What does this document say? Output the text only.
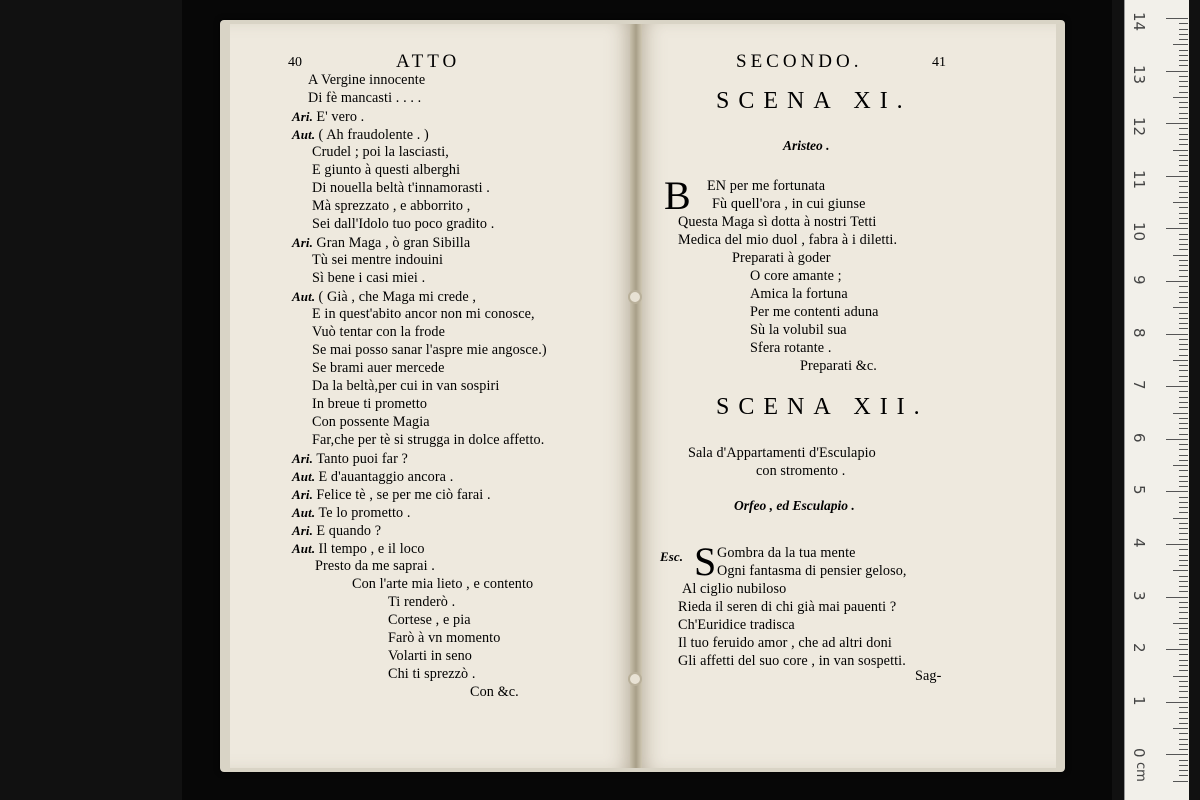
40	ATTO
A Vergine innocente
Di fè mancasti . . . .
Ari. E' vero .
Aut. ( Ah fraudolente . )
Crudel ; poi la lasciasti,
E giunto à questi alberghi
Di nouella beltà t'innamorasti .
Mà sprezzato , e abborrito ,
Sei dall'Idolo tuo poco gradito .
Ari. Gran Maga , ò gran Sibilla
Tù sei mentre indouini
Sì bene i casi miei .
Aut. ( Già , che Maga mi crede ,
E in quest'abito ancor non mi conosce,
Vuò tentar con la frode
Se mai posso sanar l'aspre mie angosce.)
Se brami auer mercede
Da la beltà,per cui in van sospiri
In breue ti prometto
Con possente Magia
Far,che per tè si strugga in dolce affetto.
Ari. Tanto puoi far ?
Aut. E d'auantaggio ancora .
Ari. Felice tè , se per me ciò farai .
Aut. Te lo prometto .
Ari. E quando ?
Aut. Il tempo , e il loco
Presto da me saprai .
Con l'arte mia lieto , e contento
Ti renderò .
Cortese , e pia
Farò à vn momento
Volarti in seno
Chi ti sprezzò .
Con &c.
SECONDO.	41
SCENA XI.
Aristeo .
B EN per me fortunata
Fù quell'ora , in cui giunse
Questa Maga sì dotta à nostri Tetti
Medica del mio duol , fabra à i diletti.
Preparati à goder
O core amante ;
Amica la fortuna
Per me contenti aduna
Sù la volubil sua
Sfera rotante .
Preparati &c.
SCENA XII.
Sala d'Appartamenti d'Esculapio
con stromento .
Orfeo , ed Esculapio .
Esc. S Gombra da la tua mente
Ogni fantasma di pensier geloso,
Al ciglio nubiloso
Rieda il seren di chi già mai pauenti ?
Ch'Euridice tradisca
Il tuo feruido amor , che ad altri doni
Gli affetti del suo core , in van sospetti.
Sag-
14
13
12
11
10
9
8
7
6
5
4
3
2
1
0
cm
